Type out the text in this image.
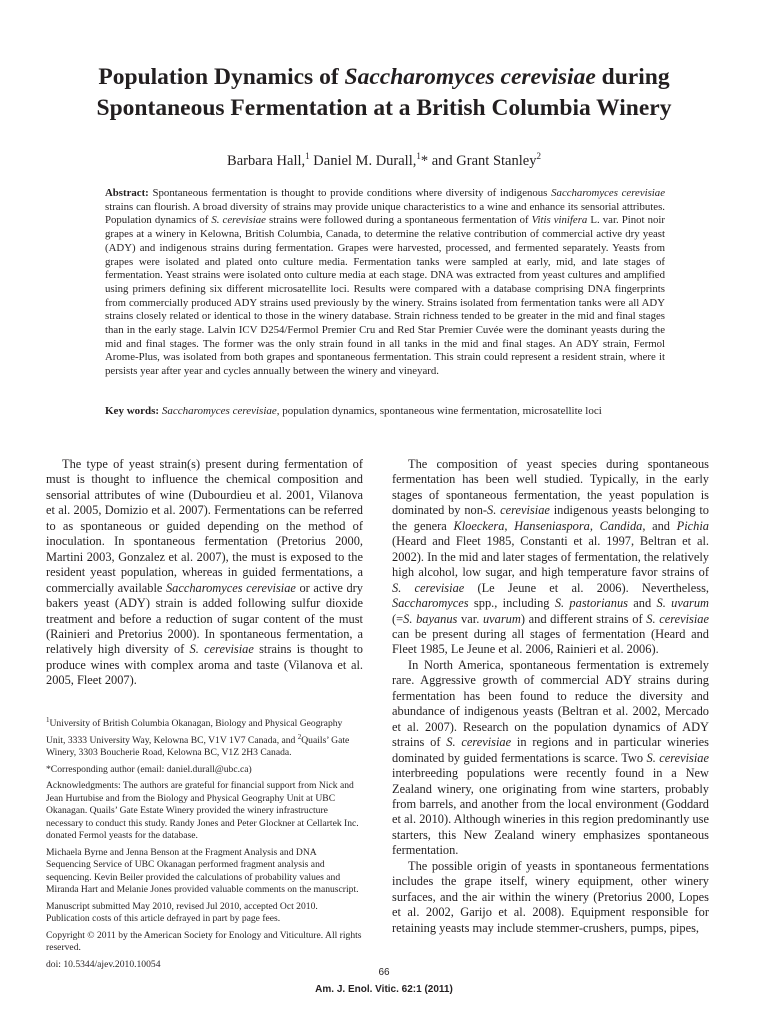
Population Dynamics of Saccharomyces cerevisiae during
Spontaneous Fermentation at a British Columbia Winery
Barbara Hall,$^1$ Daniel M. Durall,$^1$* and Grant Stanley$^2$
Abstract: Spontaneous fermentation is thought to provide conditions where diversity of indigenous Saccharomyces cerevisiae strains can flourish. A broad diversity of strains may provide unique characteristics to a wine and enhance its sensorial attributes. Population dynamics of S. cerevisiae strains were followed during a spontaneous fermentation of Vitis vinifera L. var. Pinot noir grapes at a winery in Kelowna, British Columbia, Canada, to determine the relative contribution of commercial active dry yeast (ADY) and indigenous strains during fermentation. Grapes were harvested, processed, and fermented separately. Yeasts from grapes were isolated and plated onto culture media. Fermentation tanks were sampled at early, mid, and late stages of fermentation. Yeast strains were isolated onto culture media at each stage. DNA was extracted from yeast cultures and amplified using primers defining six different microsatellite loci. Results were compared with a database comprising DNA fingerprints from commercially produced ADY strains used previously by the winery. Strains isolated from fermentation tanks were all ADY strains closely related or identical to those in the winery database. Strain richness tended to be greater in the mid and final stages than in the early stage. Lalvin ICV D254/Fermol Premier Cru and Red Star Premier Cuvée were the dominant yeasts during the mid and final stages. The former was the only strain found in all tanks in the mid and final stages. An ADY strain, Fermol Arome-Plus, was isolated from both grapes and spontaneous fermentation. This strain could represent a resident strain, where it persists year after year and cycles annually between the winery and vineyard.
Key words: Saccharomyces cerevisiae, population dynamics, spontaneous wine fermentation, microsatellite loci

The type of yeast strain(s) present during fermentation of must is thought to influence the chemical composition and sensorial attributes of wine (Dubourdieu et al. 2001, Vilanova et al. 2005, Domizio et al. 2007). Fermentations can be referred to as spontaneous or guided depending on the method of inoculation. In spontaneous fermentation (Pretorius 2000, Martini 2003, Gonzalez et al. 2007), the must is exposed to the resident yeast population, whereas in guided fermentations, a commercially available Saccharomyces cerevisiae or active dry bakers yeast (ADY) strain is added following sulfur dioxide treatment and before a reduction of sugar content of the must (Rainieri and Pretorius 2000). In spontaneous fermentation, a relatively high diversity of S. cerevisiae strains is thought to produce wines with complex aroma and taste (Vilanova et al. 2005, Fleet 2007).

$^1$University of British Columbia Okanagan, Biology and Physical Geography Unit, 3333 University Way, Kelowna BC, V1V 1V7 Canada, and $^2$Quails’ Gate Winery, 3303 Boucherie Road, Kelowna BC, V1Z 2H3 Canada.

*Corresponding author (email: daniel.durall@ubc.ca)

Acknowledgments: The authors are grateful for financial support from Nick and Jean Hurtubise and from the Biology and Physical Geography Unit at UBC Okanagan. Quails’ Gate Estate Winery provided the winery infrastructure necessary to conduct this study. Randy Jones and Peter Glockner at Cellartek Inc. donated Fermol yeasts for the database.

Michaela Byrne and Jenna Benson at the Fragment Analysis and DNA Sequencing Service of UBC Okanagan performed fragment analysis and sequencing. Kevin Beiler provided the calculations of probability values and Miranda Hart and Melanie Jones provided valuable comments on the manuscript.

Manuscript submitted May 2010, revised Jul 2010, accepted Oct 2010. Publication costs of this article defrayed in part by page fees.

Copyright © 2011 by the American Society for Enology and Viticulture. All rights reserved.

doi: 10.5344/ajev.2010.10054

The composition of yeast species during spontaneous fermentation has been well studied. Typically, in the early stages of spontaneous fermentation, the yeast population is dominated by non-S. cerevisiae indigenous yeasts belonging to the genera Kloeckera, Hanseniaspora, Candida, and Pichia (Heard and Fleet 1985, Constanti et al. 1997, Beltran et al. 2002). In the mid and later stages of fermentation, the relatively high alcohol, low sugar, and high temperature favor strains of S. cerevisiae (Le Jeune et al. 2006). Nevertheless, Saccharomyces spp., including S. pastorianus and S. uvarum (=S. bayanus var. uvarum) and different strains of S. cerevisiae can be present during all stages of fermentation (Heard and Fleet 1985, Le Jeune et al. 2006, Rainieri et al. 2006).

In North America, spontaneous fermentation is extremely rare. Aggressive growth of commercial ADY strains during fermentation has been found to reduce the diversity and abundance of indigenous yeasts (Beltran et al. 2002, Mercado et al. 2007). Research on the population dynamics of ADY strains of S. cerevisiae in regions and in particular wineries dominated by guided fermentations is scarce. Two S. cerevisiae interbreeding populations were recently found in a New Zealand winery, one originating from wine starters, probably from barrels, and another from the local environment (Goddard et al. 2010). Although wineries in this region predominantly use starters, this New Zealand winery emphasizes spontaneous fermentation.

The possible origin of yeasts in spontaneous fermentations includes the grape itself, winery equipment, other winery surfaces, and the air within the winery (Pretorius 2000, Lopes et al. 2002, Garijo et al. 2008). Equipment responsible for retaining yeasts may include stemmer-crushers, pumps, pipes,

66
Am. J. Enol. Vitic. 62:1 (2011)
